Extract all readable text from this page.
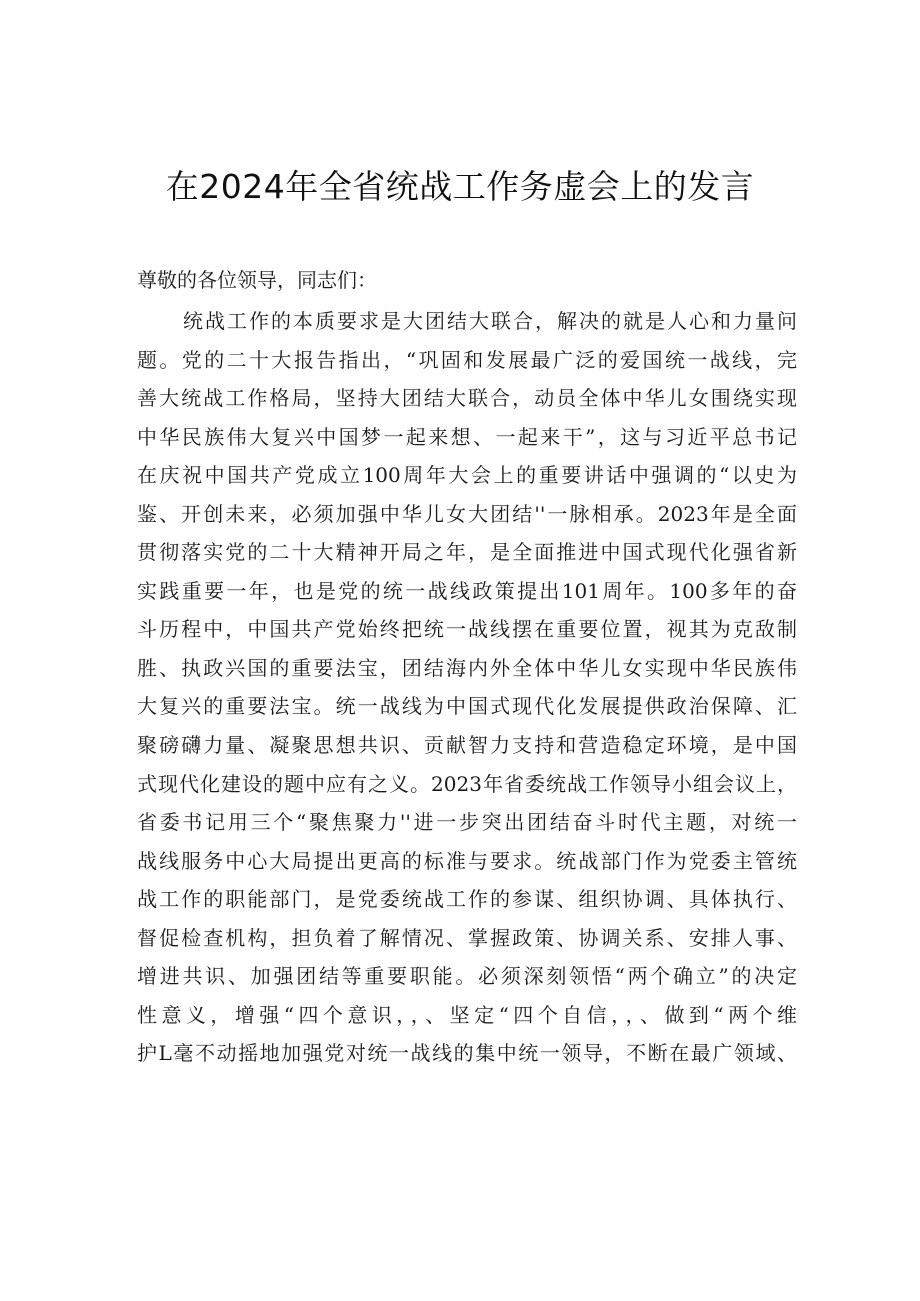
在2024年全省统战工作务虚会上的发言
尊敬的各位领导，同志们：
统战工作的本质要求是大团结大联合，解决的就是人心和力量问
题。党的二十大报告指出，“巩固和发展最广泛的爱国统一战线，完
善大统战工作格局，坚持大团结大联合，动员全体中华儿女围绕实现
中华民族伟大复兴中国梦一起来想、一起来干”，这与习近平总书记
在庆祝中国共产党成立100周年大会上的重要讲话中强调的“以史为
鉴、开创未来，必须加强中华儿女大团结''一脉相承。2023年是全面
贯彻落实党的二十大精神开局之年，是全面推进中国式现代化强省新
实践重要一年，也是党的统一战线政策提出101周年。100多年的奋
斗历程中，中国共产党始终把统一战线摆在重要位置，视其为克敌制
胜、执政兴国的重要法宝，团结海内外全体中华儿女实现中华民族伟
大复兴的重要法宝。统一战线为中国式现代化发展提供政治保障、汇
聚磅礴力量、凝聚思想共识、贡献智力支持和营造稳定环境，是中国
式现代化建设的题中应有之义。2023年省委统战工作领导小组会议上，
省委书记用三个“聚焦聚力''进一步突出团结奋斗时代主题，对统一
战线服务中心大局提出更高的标准与要求。统战部门作为党委主管统
战工作的职能部门，是党委统战工作的参谋、组织协调、具体执行、
督促检查机构，担负着了解情况、掌握政策、协调关系、安排人事、
增进共识、加强团结等重要职能。必须深刻领悟“两个确立”的决定
性意义，增强“四个意识，，、坚定“四个自信，，、做到“两个维
护L毫不动摇地加强党对统一战线的集中统一领导，不断在最广领域、
